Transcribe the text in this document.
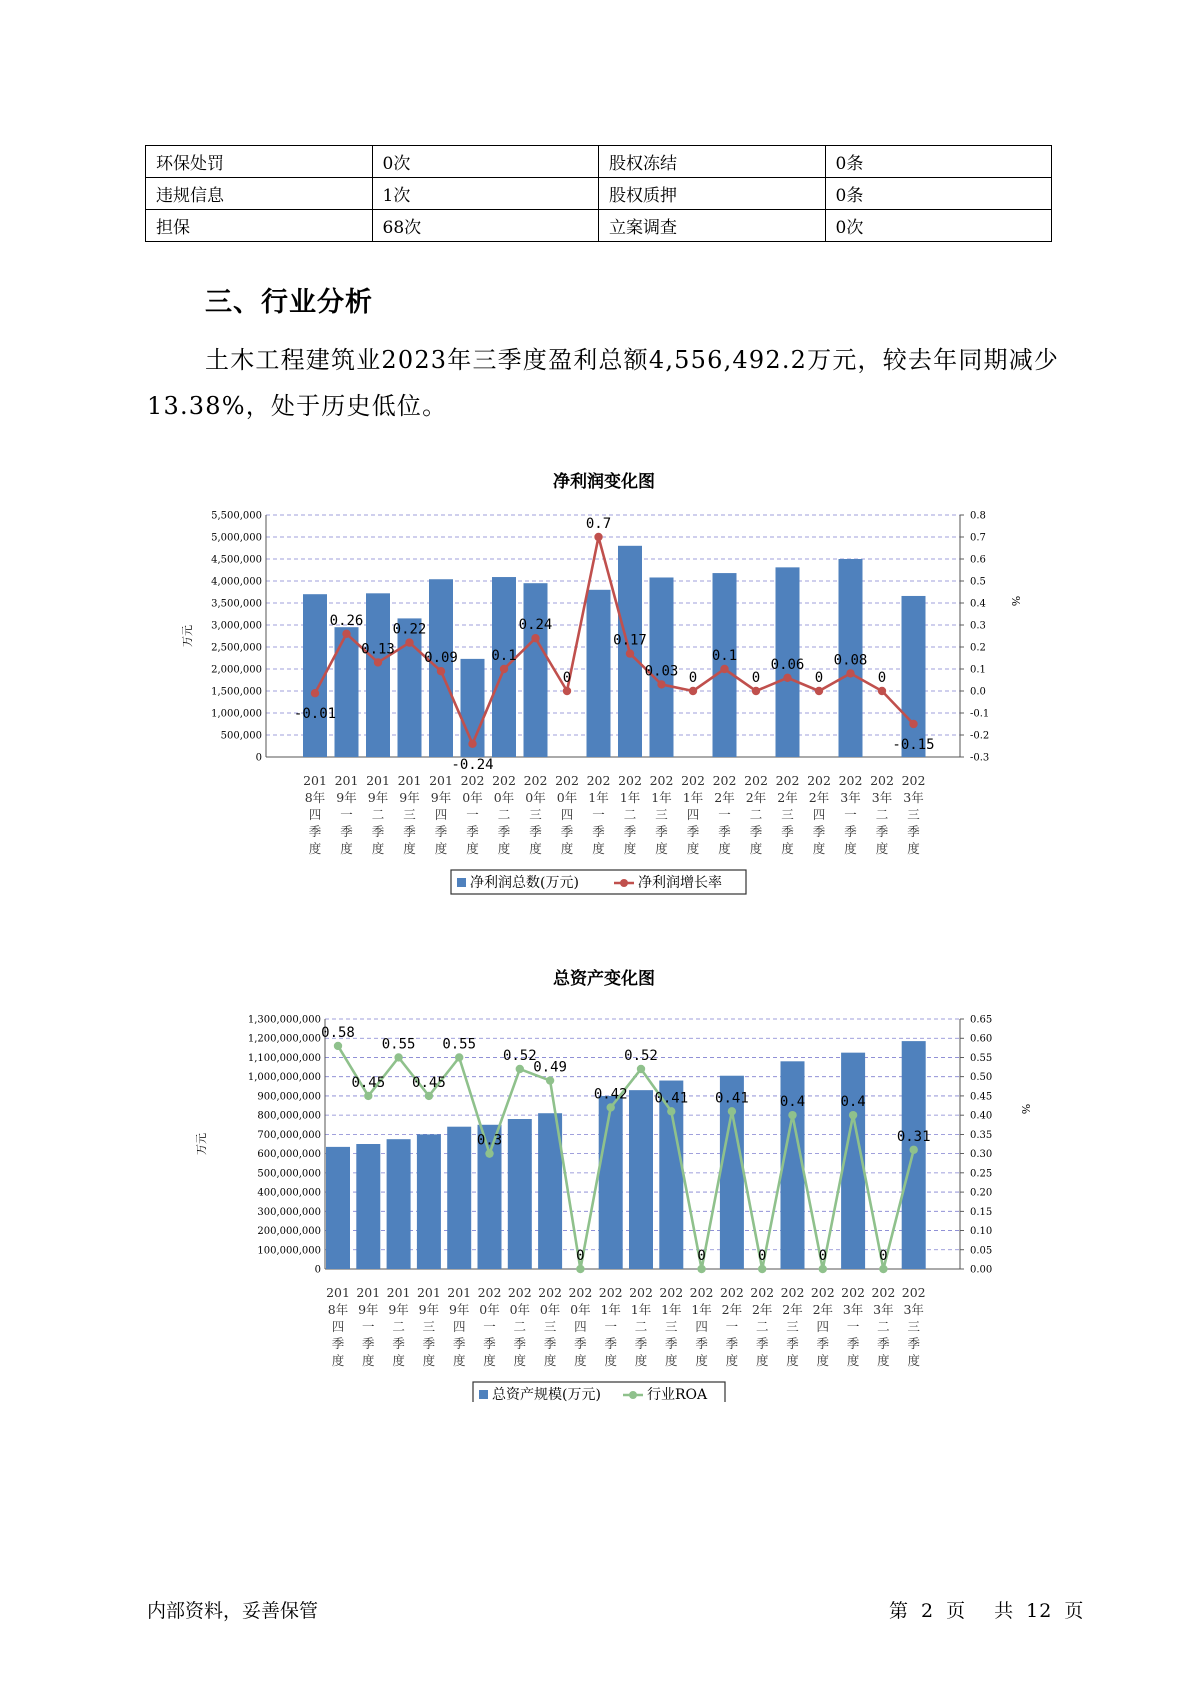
环保处罚	0次	股权冻结	0条
违规信息	1次	股权质押	0条
担保	68次	立案调查	0次
三、行业分析

土木工程建筑业2023年三季度盈利总额4,556,492.2万元，较去年同期减少13.38%，处于历史低位。

净利润变化图
5,500,000
5,000,000
4,500,000
4,000,000
3,500,000
3,000,000
2,500,000
2,000,000
1,500,000
1,000,000
500,000
0
0.8
0.7
0.6
0.5
0.4
0.3
0.2
0.1
0.0
-0.1
-0.2
-0.3
万元
%
-0.01
0.26
0.13
0.22
0.09
-0.24
0.1
0.24
0
0.7
0.17
0.03 0
0.1
0
0.06
0
0.08
0
-0.15
201
8年
四
季
度
201
9年
一
季
度
201
9年
二
季
度
201
9年
三
季
度
201
9年
四
季
度
202
0年
一
季
度
202
0年
二
季
度
202
0年
三
季
度
202
0年
四
季
度
202
1年
一
季
度
202
1年
二
季
度
202
1年
三
季
度
202
1年
四
季
度
202
2年
一
季
度
202
2年
二
季
度
202
2年
三
季
度
202
2年
四
季
度
202
3年
一
季
度
202
3年
二
季
度
202
3年
三
季
度
净利润总数(万元)	净利润增长率
总资产变化图
1,300,000,000
1,200,000,000
1,100,000,000
1,000,000,000
900,000,000
800,000,000
700,000,000
600,000,000
500,000,000
400,000,000
300,000,000
200,000,000
100,000,000
0
0.65
0.60
0.55
0.50
0.45
0.40
0.35
0.30
0.25
0.20
0.15
0.10
0.05
0.00
万元
%
0.58
0.45
0.55
0.45
0.55
0.3
0.52
0.49
0
0.42
0.52
0.41
0
0.41
0
0.4
0
0.4
0
0.31
201
8年
四
季
度
201
9年
一
季
度
201
9年
二
季
度
201
9年
三
季
度
201
9年
四
季
度
202
0年
一
季
度
202
0年
二
季
度
202
0年
三
季
度
202
0年
四
季
度
202
1年
一
季
度
202
1年
二
季
度
202
1年
三
季
度
202
1年
四
季
度
202
2年
一
季
度
202
2年
二
季
度
202
2年
三
季
度
202
2年
四
季
度
202
3年
一
季
度
202
3年
二
季
度
202
3年
三
季
度
总资产规模(万元)	行业ROA
内部资料，妥善保管	第 2 页 共 12 页
